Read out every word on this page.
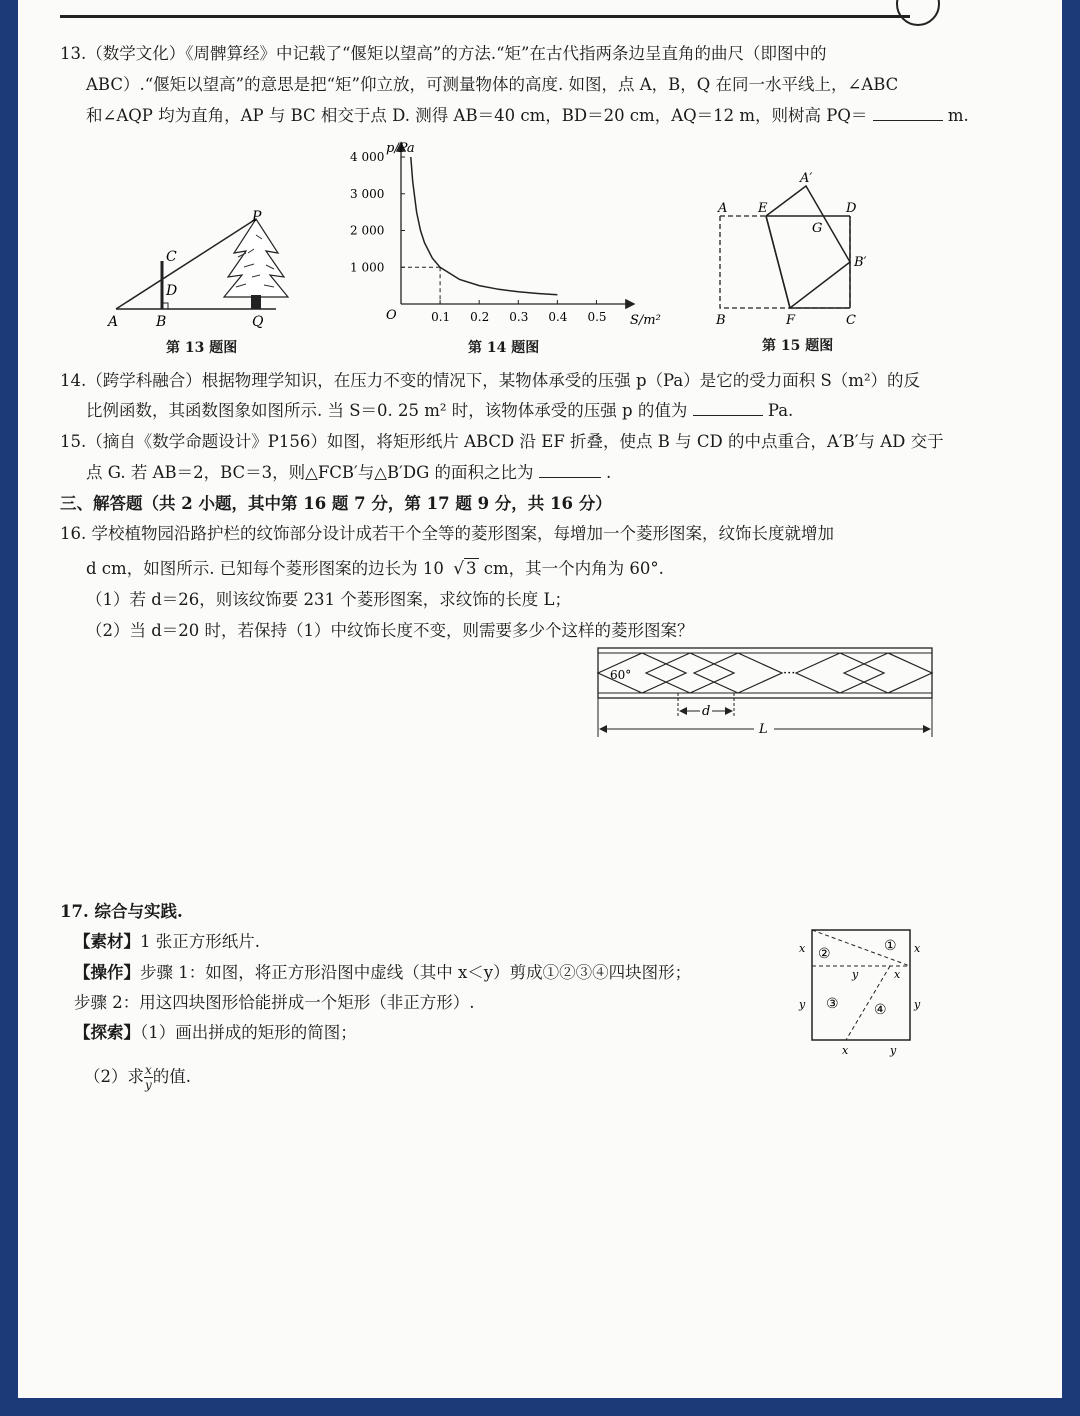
13.（数学文化）《周髀算经》中记载了“偃矩以望高”的方法.“矩”在古代指两条边呈直角的曲尺（即图中的
ABC）.“偃矩以望高”的意思是把“矩”仰立放，可测量物体的高度. 如图，点 A，B，Q 在同一水平线上，∠ABC
和∠AQP 均为直角，AP 与 BC 相交于点 D. 测得 AB＝40 cm，BD＝20 cm，AQ＝12 m，则树高 PQ＝	m.
A	B
C
D
P
Q
第 13 题图
0.1 0.2 0.3 0.4 0.5
1 000
2 000
3 000
4 000
p/Pa
S/m²
O
第 14 题图
A E
A′
D
G
B′
B	F	C
第 15 题图
14.（跨学科融合）根据物理学知识，在压力不变的情况下，某物体承受的压强 p（Pa）是它的受力面积 S（m²）的反
比例函数，其函数图象如图所示. 当 S＝0. 25 m² 时，该物体承受的压强 p 的值为	Pa.
15.（摘自《数学命题设计》P156）如图，将矩形纸片 ABCD 沿 EF 折叠，使点 B 与 CD 的中点重合，A′B′与 AD 交于
点 G. 若 AB＝2，BC＝3，则△FCB′与△B′DG 的面积之比为	.
三、解答题（共 2 小题，其中第 16 题 7 分，第 17 题 9 分，共 16 分）
16. 学校植物园沿路护栏的纹饰部分设计成若干个全等的菱形图案，每增加一个菱形图案，纹饰长度就增加
d cm，如图所示. 已知每个菱形图案的边长为 10 √ 3 cm，其一个内角为 60°.
（1）若 d＝26，则该纹饰要 231 个菱形图案，求纹饰的长度 L；
（2）当 d＝20 时，若保持（1）中纹饰长度不变，则需要多少个这样的菱形图案？
60°	···
d
L
17. 综合与实践.
【素材】1 张正方形纸片.
【操作】步骤 1：如图，将正方形沿图中虚线（其中 x＜y）剪成①②③④四块图形；
步骤 2：用这四块图形恰能拼成一个矩形（非正方形）.
【探索】（1）画出拼成的矩形的简图；
（2）求 $\frac{x}{y}$ 的值.
①
②
③	④
x	x
y	y
y	x
x	y
